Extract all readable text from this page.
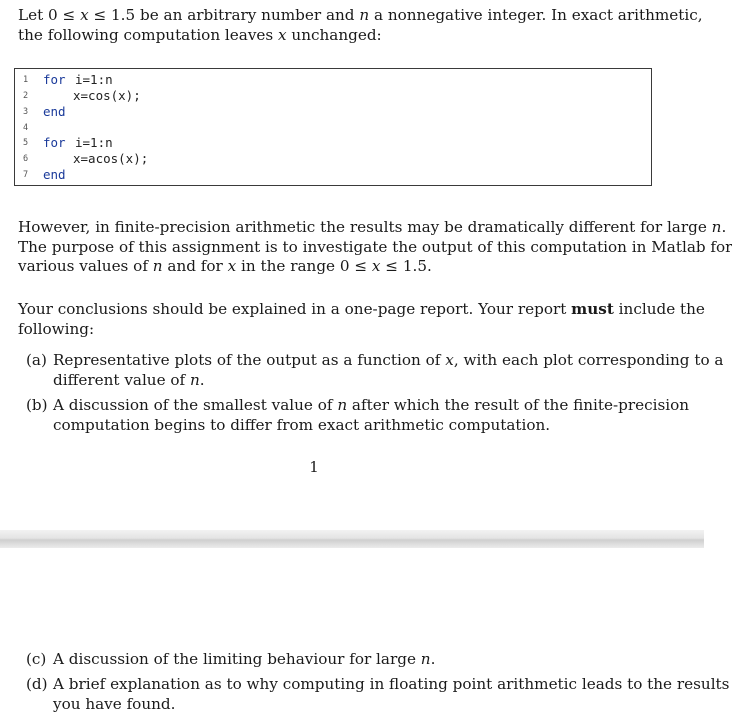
Let 0 ≤ x ≤ 1.5 be an arbitrary number and n a nonnegative integer. In exact arithmetic,
the following computation leaves x unchanged:

1	for i=1:n
2	x=cos(x);
3	end
4
5	for i=1:n
6	x=acos(x);
7	end

However, in finite-precision arithmetic the results may be dramatically different for large n.
The purpose of this assignment is to investigate the output of this computation in Matlab for
various values of n and for x in the range 0 ≤ x ≤ 1.5.

Your conclusions should be explained in a one-page report. Your report must include the
following:

(a) Representative plots of the output as a function of x, with each plot corresponding to a
different value of n.
(b) A discussion of the smallest value of n after which the result of the finite-precision
computation begins to differ from exact arithmetic computation.
1
(c) A discussion of the limiting behaviour for large n.
(d) A brief explanation as to why computing in floating point arithmetic leads to the results
you have found.
